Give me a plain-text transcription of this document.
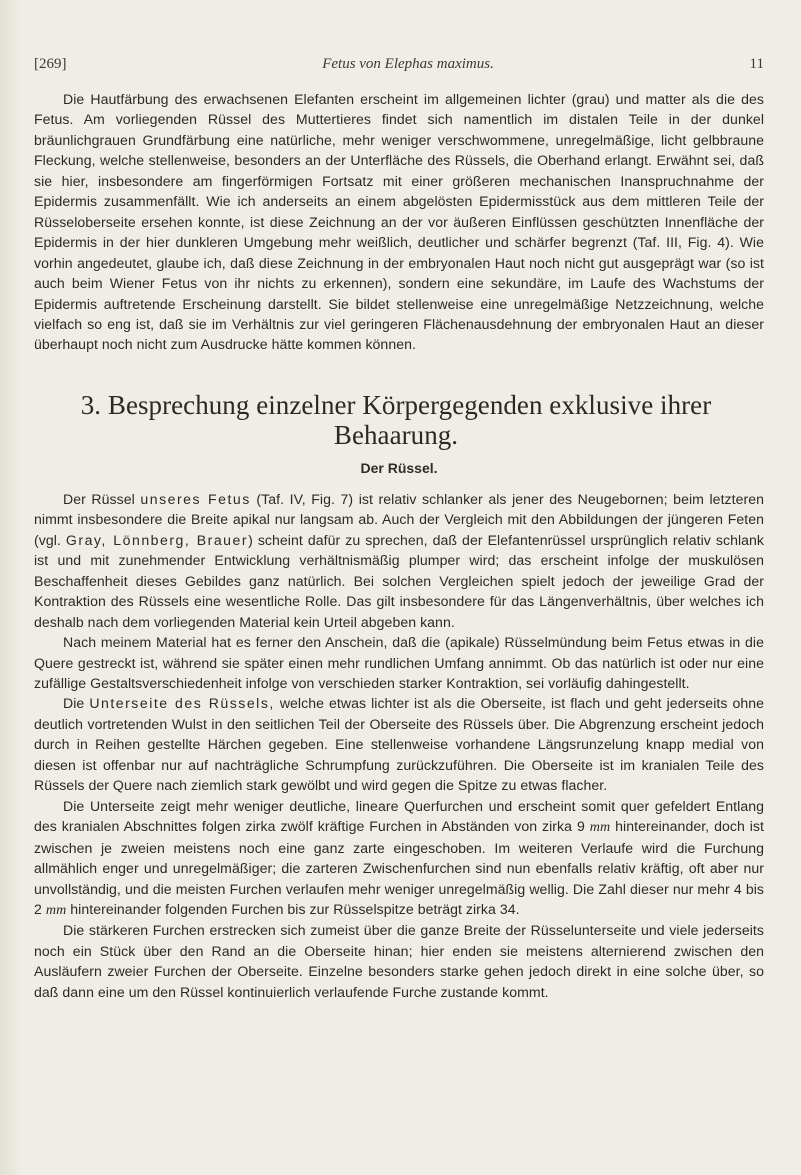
[269]	Fetus von Elephas maximus.	11

Die Hautfärbung des erwachsenen Elefanten erscheint im allgemeinen lichter (grau) und matter als die des Fetus. Am vorliegenden Rüssel des Muttertieres findet sich namentlich im distalen Teile in der dunkel bräunlichgrauen Grundfärbung eine natürliche, mehr weniger verschwommene, unregelmäßige, licht gelbbraune Fleckung, welche stellenweise, besonders an der Unterfläche des Rüssels, die Oberhand erlangt. Erwähnt sei, daß sie hier, insbesondere am fingerförmigen Fortsatz mit einer größeren mechanischen Inanspruchnahme der Epidermis zusammenfällt. Wie ich anderseits an einem abgelösten Epidermisstück aus dem mittleren Teile der Rüsseloberseite ersehen konnte, ist diese Zeichnung an der vor äußeren Einflüssen geschützten Innenfläche der Epidermis in der hier dunkleren Umgebung mehr weißlich, deutlicher und schärfer begrenzt (Taf. III, Fig. 4). Wie vorhin angedeutet, glaube ich, daß diese Zeichnung in der embryonalen Haut noch nicht gut ausgeprägt war (so ist auch beim Wiener Fetus von ihr nichts zu erkennen), sondern eine sekundäre, im Laufe des Wachstums der Epidermis auftretende Erscheinung darstellt. Sie bildet stellenweise eine unregelmäßige Netzzeichnung, welche vielfach so eng ist, daß sie im Verhältnis zur viel geringeren Flächenausdehnung der embryonalen Haut an dieser überhaupt noch nicht zum Ausdrucke hätte kommen können.

3. Besprechung einzelner Körpergegenden exklusive ihrer Behaarung.
Der Rüssel.

Der Rüssel unseres Fetus (Taf. IV, Fig. 7) ist relativ schlanker als jener des Neugebornen; beim letzteren nimmt insbesondere die Breite apikal nur langsam ab. Auch der Vergleich mit den Abbildungen der jüngeren Feten (vgl. Gray, Lönnberg, Brauer) scheint dafür zu sprechen, daß der Elefantenrüssel ursprünglich relativ schlank ist und mit zunehmender Entwicklung verhältnismäßig plumper wird; das erscheint infolge der muskulösen Beschaffenheit dieses Gebildes ganz natürlich. Bei solchen Vergleichen spielt jedoch der jeweilige Grad der Kontraktion des Rüssels eine wesentliche Rolle. Das gilt insbesondere für das Längenverhältnis, über welches ich deshalb nach dem vorliegenden Material kein Urteil abgeben kann.

Nach meinem Material hat es ferner den Anschein, daß die (apikale) Rüsselmündung beim Fetus etwas in die Quere gestreckt ist, während sie später einen mehr rundlichen Umfang annimmt. Ob das natürlich ist oder nur eine zufällige Gestaltsverschiedenheit infolge von verschieden starker Kontraktion, sei vorläufig dahingestellt.

Die Unterseite des Rüssels, welche etwas lichter ist als die Oberseite, ist flach und geht jederseits ohne deutlich vortretenden Wulst in den seitlichen Teil der Oberseite des Rüssels über. Die Abgrenzung erscheint jedoch durch in Reihen gestellte Härchen gegeben. Eine stellenweise vorhandene Längsrunzelung knapp medial von diesen ist offenbar nur auf nachträgliche Schrumpfung zurückzuführen. Die Oberseite ist im kranialen Teile des Rüssels der Quere nach ziemlich stark gewölbt und wird gegen die Spitze zu etwas flacher.

Die Unterseite zeigt mehr weniger deutliche, lineare Querfurchen und erscheint somit quer gefeldert Entlang des kranialen Abschnittes folgen zirka zwölf kräftige Furchen in Abständen von zirka 9 mm hintereinander, doch ist zwischen je zweien meistens noch eine ganz zarte eingeschoben. Im weiteren Verlaufe wird die Furchung allmählich enger und unregelmäßiger; die zarteren Zwischenfurchen sind nun ebenfalls relativ kräftig, oft aber nur unvollständig, und die meisten Furchen verlaufen mehr weniger unregelmäßig wellig. Die Zahl dieser nur mehr 4 bis 2 mm hintereinander folgenden Furchen bis zur Rüsselspitze beträgt zirka 34.

Die stärkeren Furchen erstrecken sich zumeist über die ganze Breite der Rüsselunterseite und viele jederseits noch ein Stück über den Rand an die Oberseite hinan; hier enden sie meistens alternierend zwischen den Ausläufern zweier Furchen der Oberseite. Einzelne besonders starke gehen jedoch direkt in eine solche über, so daß dann eine um den Rüssel kontinuierlich verlaufende Furche zustande kommt.
